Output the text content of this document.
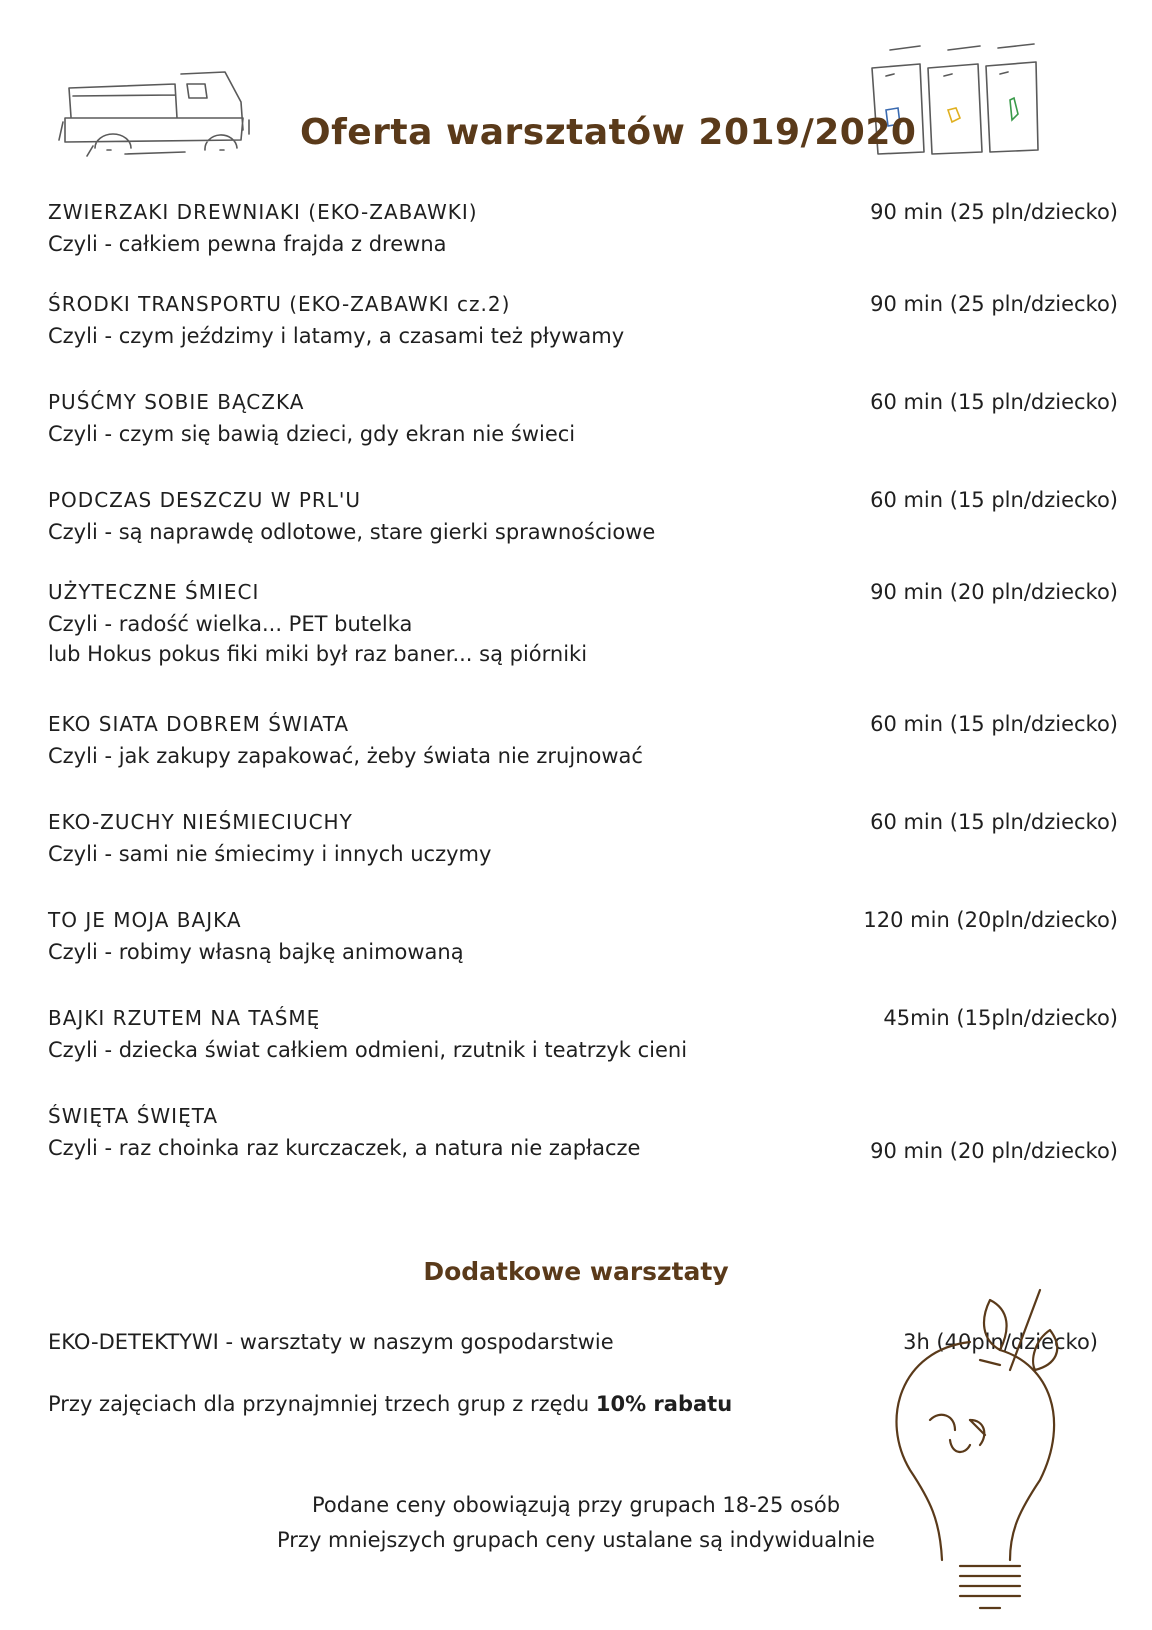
Oferta warsztatów 2019/2020
ZWIERZAKI DREWNIAKI (EKO-ZABAWKI)
Czyli - całkiem pewna frajda z drewna
90 min (25 pln/dziecko)
ŚRODKI TRANSPORTU (EKO-ZABAWKI cz.2)
Czyli - czym jeździmy i latamy, a czasami też pływamy
90 min (25 pln/dziecko)
PUŚĆMY SOBIE BĄCZKA
Czyli - czym się bawią dzieci, gdy ekran nie świeci
60 min (15 pln/dziecko)
PODCZAS DESZCZU W PRL'U
Czyli - są naprawdę odlotowe, stare gierki sprawnościowe
60 min (15 pln/dziecko)
UŻYTECZNE ŚMIECI
Czyli - radość wielka... PET butelka
lub Hokus pokus fiki miki był raz baner... są piórniki
90 min (20 pln/dziecko)
EKO SIATA DOBREM ŚWIATA
Czyli - jak zakupy zapakować, żeby świata nie zrujnować
60 min (15 pln/dziecko)
EKO-ZUCHY NIEŚMIECIUCHY
Czyli - sami nie śmiecimy i innych uczymy
60 min (15 pln/dziecko)
TO JE MOJA BAJKA
Czyli - robimy własną bajkę animowaną
120 min (20pln/dziecko)
BAJKI RZUTEM NA TAŚMĘ
Czyli - dziecka świat całkiem odmieni, rzutnik i teatrzyk cieni
45min (15pln/dziecko)
ŚWIĘTA ŚWIĘTA
Czyli - raz choinka raz kurczaczek, a natura nie zapłacze	90 min (20 pln/dziecko)
Dodatkowe warsztaty
EKO-DETEKTYWI - warsztaty w naszym gospodarstwie	3h (40pln/dziecko)
Przy zajęciach dla przynajmniej trzech grup z rzędu 10% rabatu
Podane ceny obowiązują przy grupach 18-25 osób
Przy mniejszych grupach ceny ustalane są indywidualnie
